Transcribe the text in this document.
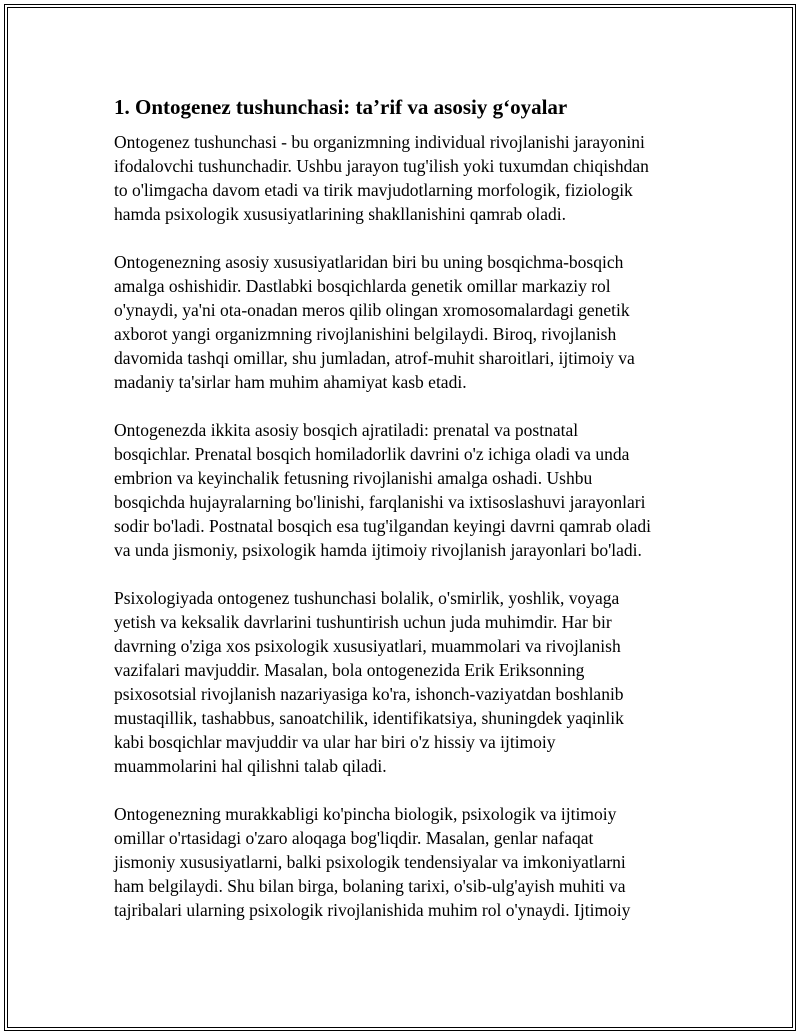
1. Ontogenez tushunchasi: ta’rif va asosiy g‘oyalar

Ontogenez tushunchasi - bu organizmning individual rivojlanishi jarayonini
ifodalovchi tushunchadir. Ushbu jarayon tug'ilish yoki tuxumdan chiqishdan
to o'limgacha davom etadi va tirik mavjudotlarning morfologik, fiziologik
hamda psixologik xususiyatlarining shakllanishini qamrab oladi.

Ontogenezning asosiy xususiyatlaridan biri bu uning bosqichma-bosqich
amalga oshishidir. Dastlabki bosqichlarda genetik omillar markaziy rol
o'ynaydi, ya'ni ota-onadan meros qilib olingan xromosomalardagi genetik
axborot yangi organizmning rivojlanishini belgilaydi. Biroq, rivojlanish
davomida tashqi omillar, shu jumladan, atrof-muhit sharoitlari, ijtimoiy va
madaniy ta'sirlar ham muhim ahamiyat kasb etadi.

Ontogenezda ikkita asosiy bosqich ajratiladi: prenatal va postnatal
bosqichlar. Prenatal bosqich homiladorlik davrini o'z ichiga oladi va unda
embrion va keyinchalik fetusning rivojlanishi amalga oshadi. Ushbu
bosqichda hujayralarning bo'linishi, farqlanishi va ixtisoslashuvi jarayonlari
sodir bo'ladi. Postnatal bosqich esa tug'ilgandan keyingi davrni qamrab oladi
va unda jismoniy, psixologik hamda ijtimoiy rivojlanish jarayonlari bo'ladi.

Psixologiyada ontogenez tushunchasi bolalik, o'smirlik, yoshlik, voyaga
yetish va keksalik davrlarini tushuntirish uchun juda muhimdir. Har bir
davrning o'ziga xos psixologik xususiyatlari, muammolari va rivojlanish
vazifalari mavjuddir. Masalan, bola ontogenezida Erik Eriksonning
psixosotsial rivojlanish nazariyasiga ko'ra, ishonch-vaziyatdan boshlanib
mustaqillik, tashabbus, sanoatchilik, identifikatsiya, shuningdek yaqinlik
kabi bosqichlar mavjuddir va ular har biri o'z hissiy va ijtimoiy
muammolarini hal qilishni talab qiladi.

Ontogenezning murakkabligi ko'pincha biologik, psixologik va ijtimoiy
omillar o'rtasidagi o'zaro aloqaga bog'liqdir. Masalan, genlar nafaqat
jismoniy xususiyatlarni, balki psixologik tendensiyalar va imkoniyatlarni
ham belgilaydi. Shu bilan birga, bolaning tarixi, o'sib-ulg'ayish muhiti va
tajribalari ularning psixologik rivojlanishida muhim rol o'ynaydi. Ijtimoiy
